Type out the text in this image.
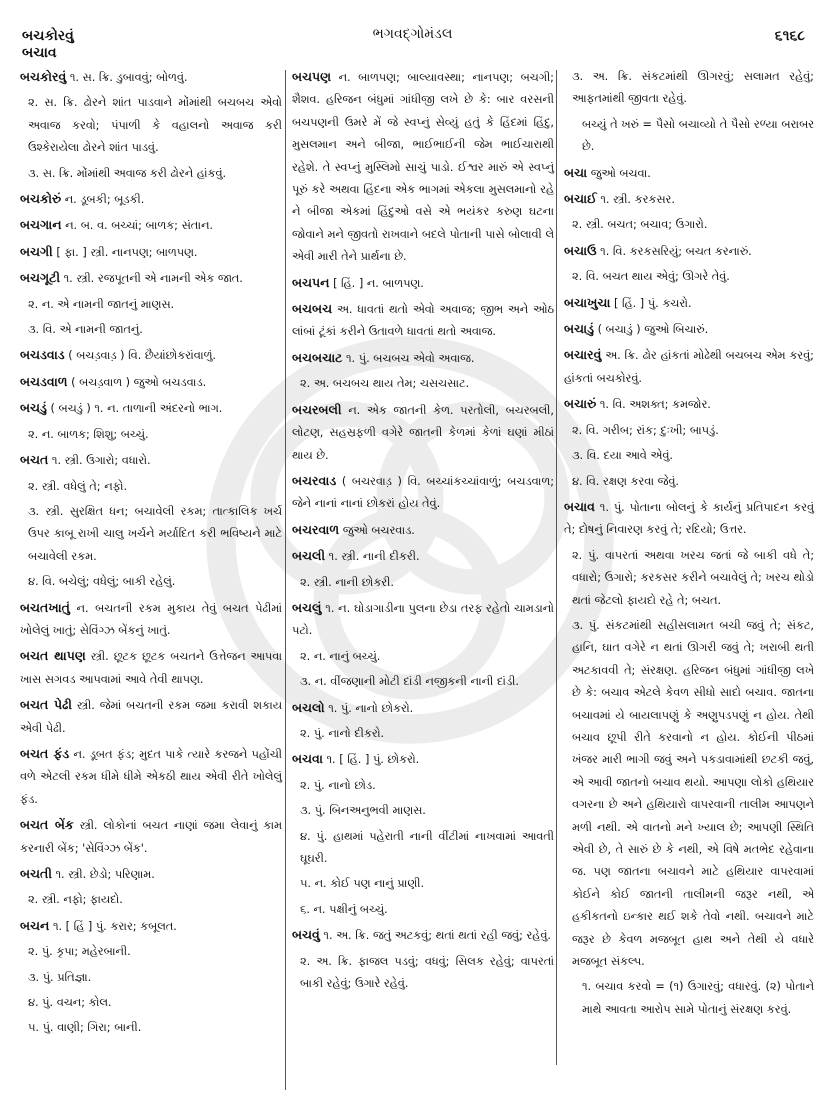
બચકોરવું
બચાવ
ભગવદ્ગોમંડલ	૬૧૬૮

બચકોરવું ૧. સ. ક્રિ. ડુબાવવું; બોળવું.

૨. સ. ક્રિ. ઢોરને શાંત પાડવાને મોંમાંથી બચબચ એવો અવાજ કરવો; પંપાળી કે વહાલનો અવાજ કરી ઉશ્કેરાયેલા ઢોરને શાંત પાડવું.

૩. સ. ક્રિ. મોંમાંથી અવાજ કરી ઢોરને હાંકવું.

બચકોરું ન. ડૂબકી; બૂડકી.

બચગાન ન. બ. વ. બચ્ચાં; બાળક; સંતાન.

બચગી [ ફા. ] સ્ત્રી. નાનપણ; બાળપણ.

બચગૂટી ૧. સ્ત્રી. રજપૂતની એ નામની એક જાત.

૨. ન. એ નામની જાતનું માણસ.

૩. વિ. એ નામની જાતનું.

બચડવાડ ( બચડ઼વાડ઼ ) વિ. છૈયાંછોકરાંવાળું.

બચડવાળ ( બચડ઼વાળ ) જુઓ બચડવાડ.

બચડું ( બચડું ) ૧. ન. તાળાની અંદરનો ભાગ.

૨. ન. બાળક; શિશુ; બચ્ચું.

બચત ૧. સ્ત્રી. ઉગારો; વધારો.

૨. સ્ત્રી. વધેલું તે; નફો.

૩. સ્ત્રી. સુરક્ષિત ધન; બચાવેલી રકમ; તાત્કાલિક ખર્ચ ઉપર કાબૂ રાખી ચાલુ ખર્ચને મર્યાદિત કરી ભવિષ્યને માટે બચાવેલી રકમ.

૪. વિ. બચેલું; વધેલું; બાકી રહેલું.

બચતખાતું ન. બચતની રકમ મુકાય તેવું બચત પેઢીમાં ખોલેલું ખાતું; સેવિંગ્ઝ બેંકનું ખાતું.

બચત થાપણ સ્ત્રી. છૂટક છૂટક બચતને ઉત્તેજન આપવા ખાસ સગવડ આપવામાં આવે તેવી થાપણ.

બચત પેઢી સ્ત્રી. જેમાં બચતની રકમ જમા કરાવી શકાય એવી પેઢી.

બચત ફંડ ન. ડૂબત ફંડ; મુદત પાકે ત્યારે કરજને પહોંચી વળે એટલી રકમ ધીમે ધીમે એકઠી થાય એવી રીતે ખોલેલું ફંડ.

બચત બેંક સ્ત્રી. લોકોનાં બચત નાણાં જમા લેવાનું કામ કરનારી બેંક; 'સેવિંગ્ઝ બેંક'.

બચતી ૧. સ્ત્રી. છેડો; પરિણામ.

૨. સ્ત્રી. નફો; ફાયદો.

બચન ૧. [ હિં ] પું. કરાર; કબૂલત.

૨. પું. કૃપા; મહેરબાની.

૩. પું. પ્રતિજ્ઞા.

૪. પું. વચન; કોલ.

૫. પું. વાણી; ગિરા; બાની.

બચપણ ન. બાળપણ; બાલ્યાવસ્થા; નાનપણ; બચગી; શૈશવ. હરિજન બંધુમાં ગાંધીજી લખે છે કે: બાર વરસની બચપણની ઉમરે મેં જે સ્વપ્નું સેવ્યું હતું કે હિંદમાં હિંદુ, મુસલમાન અને બીજા, ભાઈભાઈની જેમ ભાઈચારાથી રહેશે. તે સ્વપ્નું મુસ્લિમો સાચું પાડો. ઈશ્વર મારું એ સ્વપ્નું પૂરું કરે અથવા હિંદના એક ભાગમાં એકલા મુસલમાનો રહે ને બીજા એકમાં હિંદુઓ વસે એ ભયંકર કરુણ ઘટના જોવાને મને જીવતો રાખવાને બદલે પોતાની પાસે બોલાવી લે એવી મારી તેને પ્રાર્થના છે.

બચપન [ હિં. ] ન. બાળપણ.

બચબચ અ. ધાવતાં થતો એવો અવાજ; જીભ અને ઓઠ લાંબાં ટૂંકાં કરીને ઉતાવળે ધાવતાં થતો અવાજ.

બચબચાટ ૧. પું. બચબચ એવો અવાજ.

૨. અ. બચબચ થાય તેમ; ચસચસાટ.

બચરબલી ન. એક જાતની કેળ. પરતોલી, બચરબલી, લોટણ, સહસ્રફળી વગેરે જાતની કેળમાં કેળાં ઘણાં મીઠાં થાય છે.

બચરવાડ ( બચરવાડ઼ ) વિ. બચ્ચાંકચ્ચાંવાળું; બચડવાળ; જેને નાનાં નાનાં છોકરાં હોય તેવું.

બચરવાળ જુઓ બચરવાડ.

બચલી ૧. સ્ત્રી. નાની દીકરી.

૨. સ્ત્રી. નાની છોકરી.

બચલું ૧. ન. ઘોડાગાડીના પુલના છેડા તરફ રહેતો ચામડાનો પટો.

૨. ન. નાનું બચ્ચું.

૩. ન. વીંજણાની મોટી દાંડી નજીકની નાની દાંડી.

બચલો ૧. પું. નાનો છોકરો.

૨. પું. નાનો દીકરો.

બચવા ૧. [ હિં. ] પું. છોકરો.

૨. પું. નાનો છોડ.

૩. પું. બિનઅનુભવી માણસ.

૪. પું. હાથમાં પહેરાતી નાની વીંટીમાં નાખવામાં આવતી ઘૂઘરી.

૫. ન. કોઈ પણ નાનું પ્રાણી.

૬. ન. પક્ષીનું બચ્ચું.

બચવું ૧. અ. ક્રિ. જતું અટકવું; થતાં થતાં રહી જવું; રહેવું.

૨. અ. ક્રિ. ફાજલ પડવું; વધવું; સિલક રહેવું; વાપરતાં બાકી રહેવું; ઉગારે રહેવું.

૩. અ. ક્રિ. સંકટમાંથી ઊગરવું; સલામત રહેવું; આફતમાંથી જીવતા રહેવું.

બચ્યું તે ખરું = પૈસો બચાવ્યો તે પૈસો રળ્યા બરાબર છે.

બચા જુઓ બચવા.

બચાઈ ૧. સ્ત્રી. કરકસર.

૨. સ્ત્રી. બચત; બચાવ; ઉગારો.

બચાઉ ૧. વિ. કરકસરિયું; બચત કરનારું.

૨. વિ. બચત થાય એવું; ઊગરે તેવું.

બચાખુચા [ હિં. ] પું. કચરો.

બચાડું ( બચાડું ) જુઓ બિચારું.

બચારવું અ. ક્રિ. ઢોર હાંકતાં મોઢેથી બચબચ એમ કરવું; હાંકતાં બચકોરવું.

બચારું ૧. વિ. અશક્ત; કમજોર.

૨. વિ. ગરીબ; રાંક; દુઃખી; બાપડું.

૩. વિ. દયા આવે એવું.

૪. વિ. રક્ષણ કરવા જેવું.

બચાવ ૧. પું. પોતાના બોલનું કે કાર્યનું પ્રતિપાદન કરવું તે; દોષનું નિવારણ કરવું તે; રદિયો; ઉત્તર.

૨. પું. વાપરતાં અથવા ખરચ જતાં જે બાકી વધે તે; વધારો; ઉગારો; કરકસર કરીને બચાવેલું તે; ખરચ થોડો થતાં જેટલો ફાયદો રહે તે; બચત.

૩. પું. સંકટમાંથી સહીસલામત બચી જવું તે; સંકટ, હાનિ, ઘાત વગેરે ન થતાં ઊગરી જવું તે; ખરાબી થતી અટકાવવી તે; સંરક્ષણ. હરિજન બંધુમાં ગાંધીજી લખે છે કે: બચાવ એટલે કેવળ સીધો સાદો બચાવ. જાતના બચાવમાં યે બાયલાપણું કે અણુપડપણું ન હોય. તેથી બચાવ છૂપી રીતે કરવાનો ન હોય. કોઈની પીઠમાં ખંજર મારી ભાગી જવું અને પકડાવામાંથી છટકી જવું, એ આવી જાતનો બચાવ થયો. આપણા લોકો હથિયાર વગરના છે અને હથિયારો વાપરવાની તાલીમ આપણને મળી નથી. એ વાતનો મને ખ્યાલ છે; આપણી સ્થિતિ એવી છે, તે સારું છે કે નથી, એ વિષે મતભેદ રહેવાના જ. પણ જાતના બચાવને માટે હથિયાર વાપરવામાં કોઈને કોઈ જાતની તાલીમની જરૂર નથી, એ હકીકતનો ઇન્કાર થઈ શકે તેવો નથી. બચાવને માટે જરૂર છે કેવળ મજબૂત હાથ અને તેથી યે વધારે મજબૂત સંકલ્પ.

૧. બચાવ કરવો = (૧) ઉગારવું; વધારવું. (૨) પોતાને માથે આવતા આરોપ સામે પોતાનું સંરક્ષણ કરવું.
